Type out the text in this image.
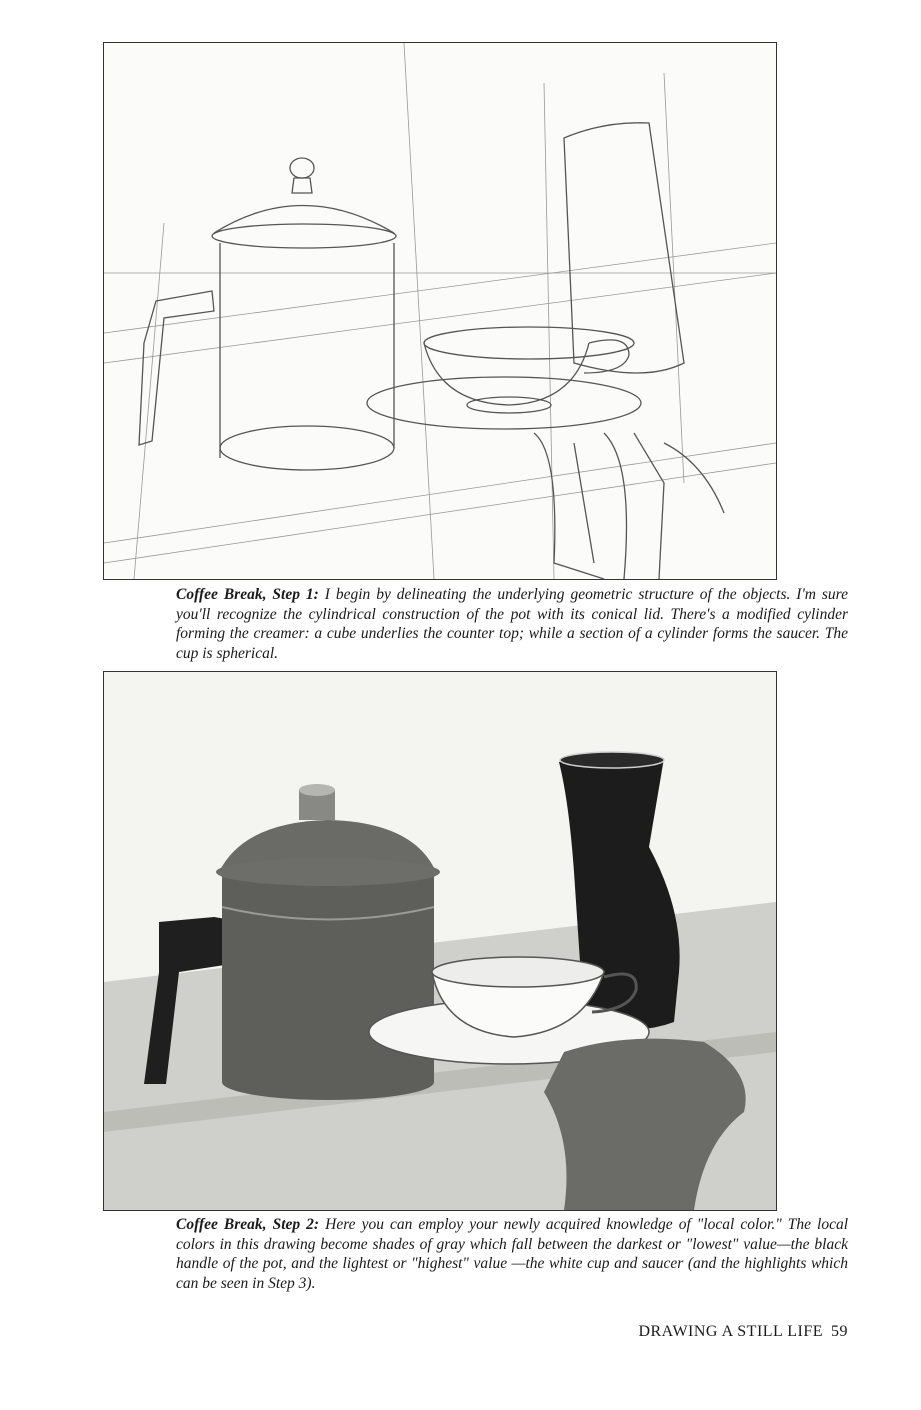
Coffee Break, Step 1: I begin by delineating the underlying geometric structure of the objects. I'm sure you'll recognize the cylindrical construction of the pot with its conical lid. There's a modified cylinder forming the creamer: a cube underlies the counter top; while a section of a cylinder forms the saucer. The cup is spherical.

Coffee Break, Step 2: Here you can employ your newly acquired knowledge of "local color." The local colors in this drawing become shades of gray which fall between the darkest or "lowest" value—the black handle of the pot, and the lightest or "highest" value —the white cup and saucer (and the highlights which can be seen in Step 3).

DRAWING A STILL LIFE 59
